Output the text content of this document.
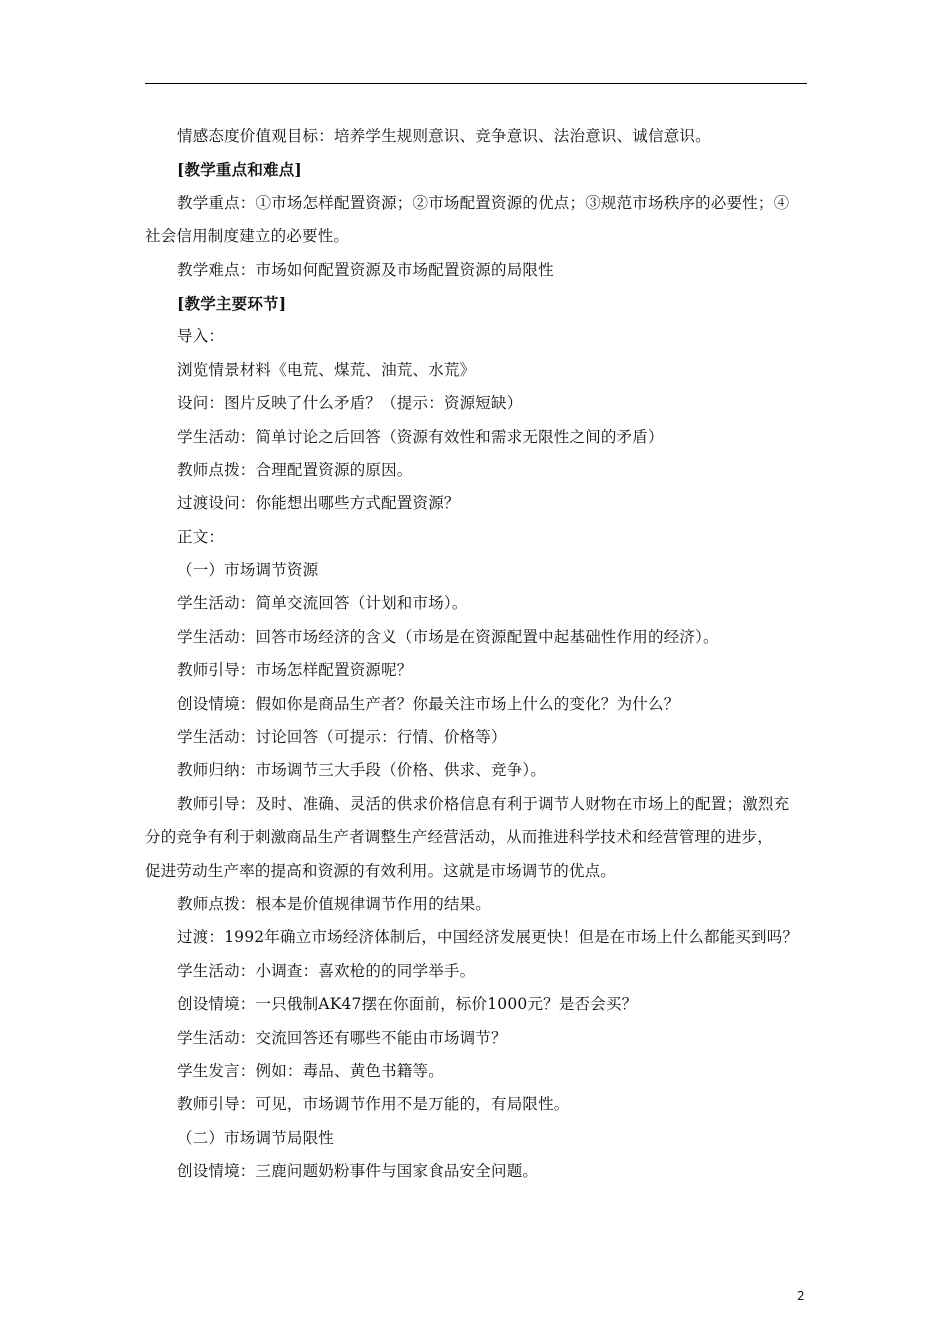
情感态度价值观目标：培养学生规则意识、竞争意识、法治意识、诚信意识。
[教学重点和难点]
教学重点：①市场怎样配置资源；②市场配置资源的优点；③规范市场秩序的必要性；④
社会信用制度建立的必要性。
教学难点：市场如何配置资源及市场配置资源的局限性
[教学主要环节]
导入：
浏览情景材料《电荒、煤荒、油荒、水荒》
设问：图片反映了什么矛盾？（提示：资源短缺）
学生活动：简单讨论之后回答（资源有效性和需求无限性之间的矛盾）
教师点拨：合理配置资源的原因。
过渡设问：你能想出哪些方式配置资源？
正文：
（一）市场调节资源
学生活动：简单交流回答（计划和市场）。
学生活动：回答市场经济的含义（市场是在资源配置中起基础性作用的经济）。
教师引导：市场怎样配置资源呢？
创设情境：假如你是商品生产者？你最关注市场上什么的变化？为什么？
学生活动：讨论回答（可提示：行情、价格等）
教师归纳：市场调节三大手段（价格、供求、竞争）。
教师引导：及时、准确、灵活的供求价格信息有利于调节人财物在市场上的配置；激烈充
分的竞争有利于刺激商品生产者调整生产经营活动，从而推进科学技术和经营管理的进步，
促进劳动生产率的提高和资源的有效利用。这就是市场调节的优点。
教师点拨：根本是价值规律调节作用的结果。
过渡：1992年确立市场经济体制后，中国经济发展更快！但是在市场上什么都能买到吗？
学生活动：小调查：喜欢枪的的同学举手。
创设情境：一只俄制AK47摆在你面前，标价1000元？是否会买？
学生活动：交流回答还有哪些不能由市场调节？
学生发言：例如：毒品、黄色书籍等。
教师引导：可见，市场调节作用不是万能的，有局限性。
（二）市场调节局限性
创设情境：三鹿问题奶粉事件与国家食品安全问题。
2
